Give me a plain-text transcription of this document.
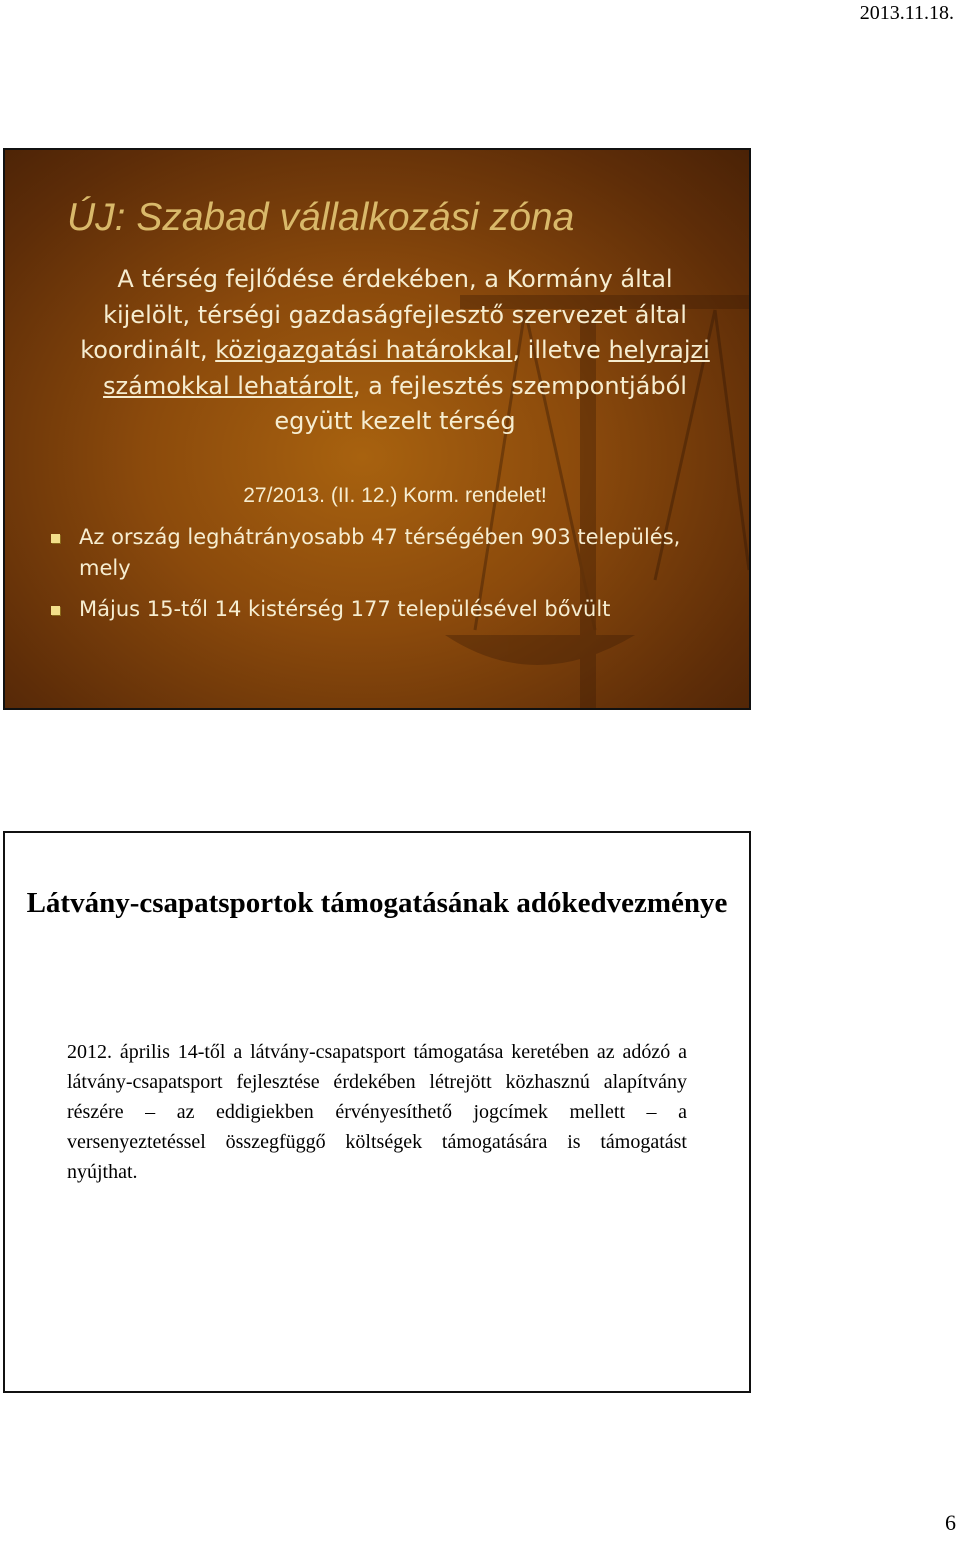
2013.11.18.
ÚJ: Szabad vállalkozási zóna
A térség fejlődése érdekében, a Kormány által kijelölt, térségi gazdaságfejlesztő szervezet által koordinált, közigazgatási határokkal, illetve helyrajzi számokkal lehatárolt, a fejlesztés szempontjából együtt kezelt térség
27/2013. (II. 12.) Korm. rendelet!
Az ország leghátrányosabb 47 térségében 903 település, mely
Május 15-től 14 kistérség 177 településével bővült
Látvány-csapatsportok támogatásának adókedvezménye

2012. április 14-től a látvány-csapatsport támogatása keretében az adózó a látvány-csapatsport fejlesztése érdekében létrejött közhasznú alapítvány részére – az eddigiekben érvényesíthető jogcímek mellett – a versenyeztetéssel összegfüggő költségek támogatására is támogatást nyújthat.

6
